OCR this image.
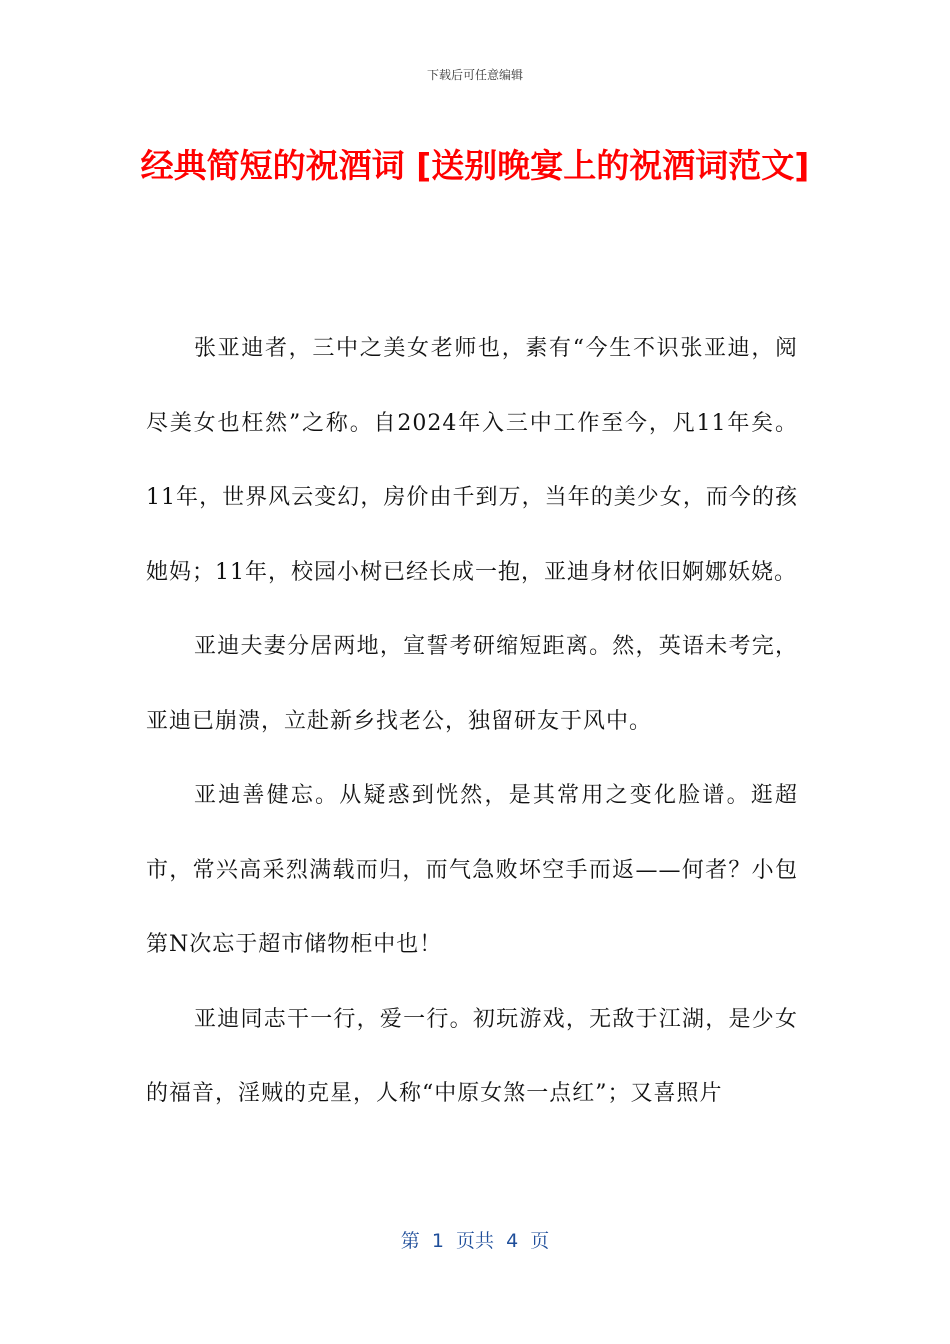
下载后可任意编辑
经典简短的祝酒词 [送别晚宴上的祝酒词范文]

张亚迪者，三中之美女老师也，素有“今生不识张亚迪，阅尽美女也枉然”之称。自2024年入三中工作至今，凡11年矣。11年，世界风云变幻，房价由千到万，当年的美少女，而今的孩她妈；11年，校园小树已经长成一抱，亚迪身材依旧婀娜妖娆。

亚迪夫妻分居两地，宣誓考研缩短距离。然，英语未考完，亚迪已崩溃，立赴新乡找老公，独留研友于风中。

亚迪善健忘。从疑惑到恍然，是其常用之变化脸谱。逛超市，常兴高采烈满载而归，而气急败坏空手而返——何者？小包第N次忘于超市储物柜中也！

亚迪同志干一行，爱一行。初玩游戏，无敌于江湖，是少女的福音，淫贼的克星，人称“中原女煞一点红”；又喜照片

第  1  页共  4  页
